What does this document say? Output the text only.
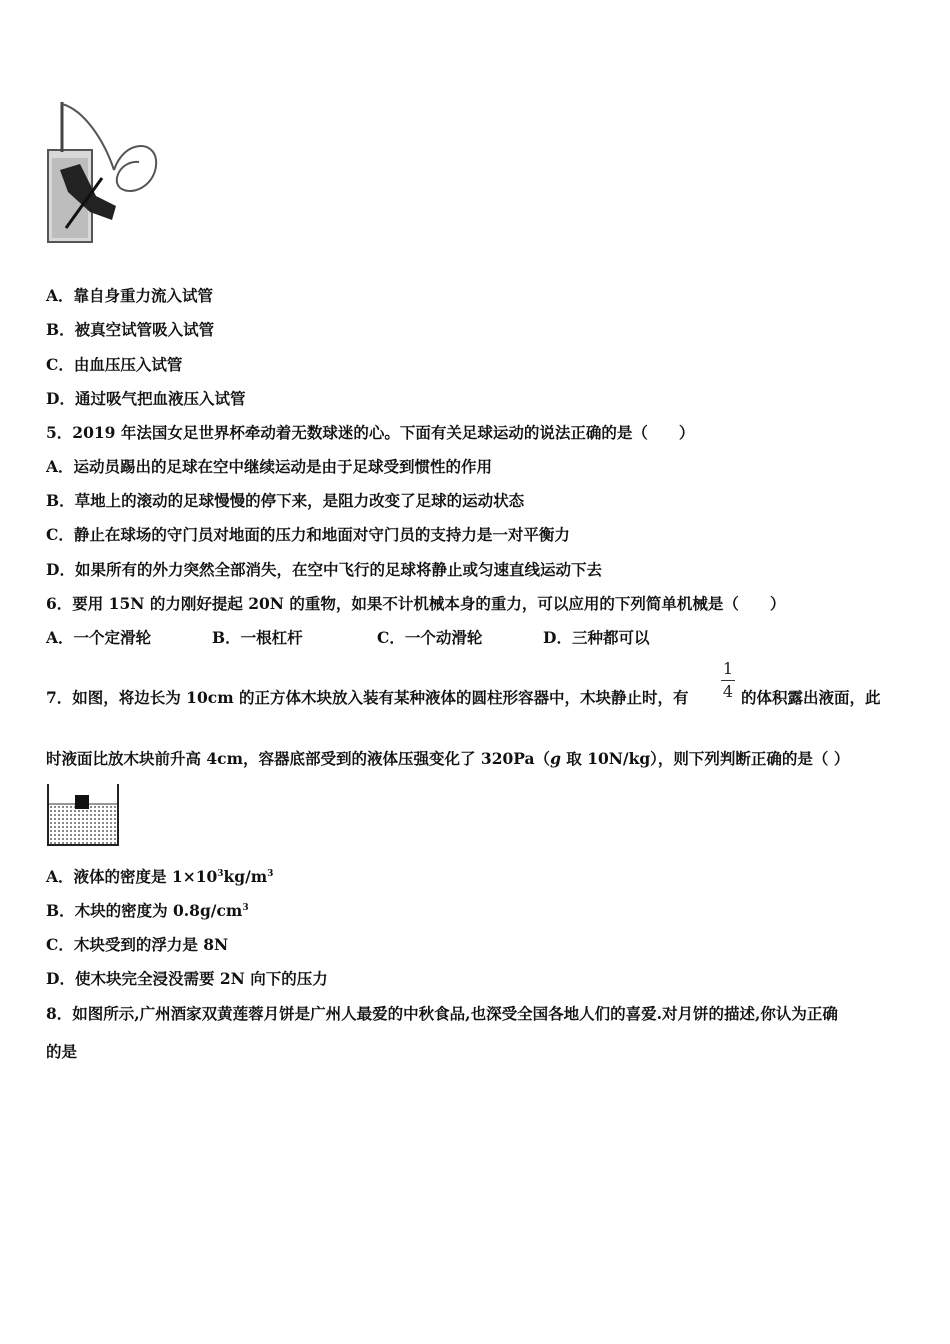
A．靠自身重力流入试管
B．被真空试管吸入试管
C．由血压压入试管
D．通过吸气把血液压入试管
5．2019 年法国女足世界杯牵动着无数球迷的心。下面有关足球运动的说法正确的是（　　）
A．运动员踢出的足球在空中继续运动是由于足球受到惯性的作用
B．草地上的滚动的足球慢慢的停下来，是阻力改变了足球的运动状态
C．静止在球场的守门员对地面的压力和地面对守门员的支持力是一对平衡力
D．如果所有的外力突然全部消失，在空中飞行的足球将静止或匀速直线运动下去
6．要用 15N 的力刚好提起 20N 的重物，如果不计机械本身的重力，可以应用的下列简单机械是（　　）
A．一个定滑轮	B．一根杠杆	C．一个动滑轮	D．三种都可以
7．如图，将边长为 10cm 的正方体木块放入装有某种液体的圆柱形容器中，木块静止时，有
1
4 的体积露出液面，此
时液面比放木块前升高 4cm，容器底部受到的液体压强变化了 320Pa（g 取 10N/kg），则下列判断正确的是（ ）
A．液体的密度是 $1\times 10^3kg/m^3$
B．木块的密度为 $0.8g/cm^3$
C．木块受到的浮力是 8N
D．使木块完全浸没需要 2N 向下的压力
8．如图所示,广州酒家双黄莲蓉月饼是广州人最爱的中秋食品,也深受全国各地人们的喜爱.对月饼的描述,你认为正确
的是
